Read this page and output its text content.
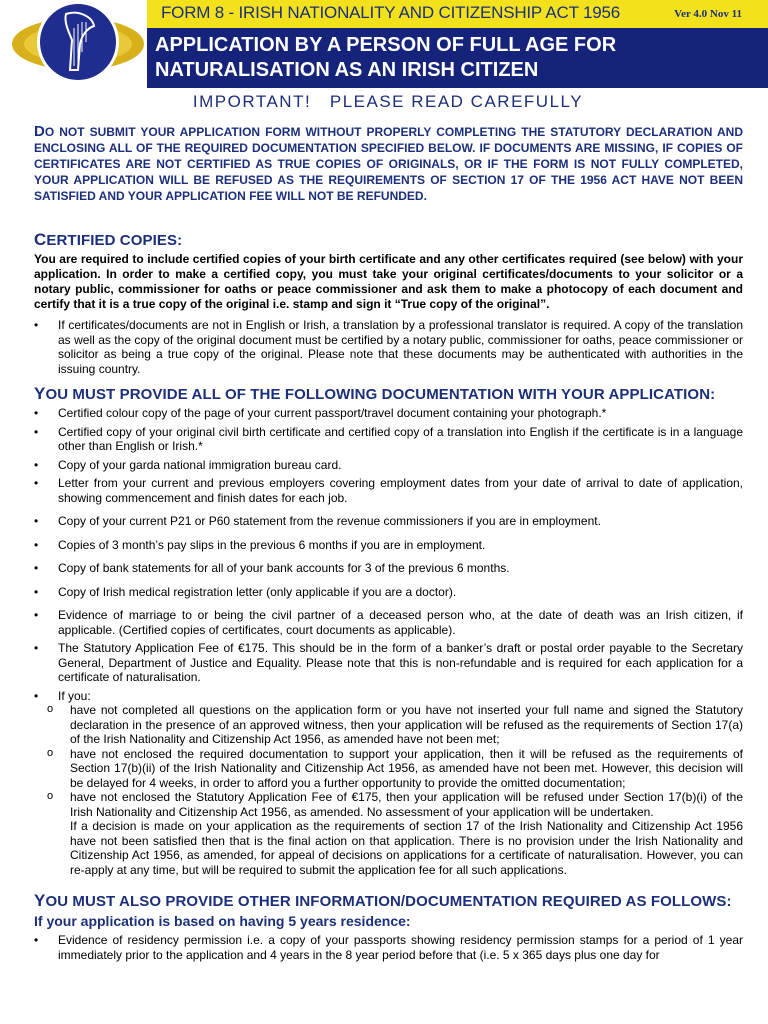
FORM 8 - IRISH NATIONALITY AND CITIZENSHIP ACT 1956	Ver 4.0 Nov 11
APPLICATION BY A PERSON OF FULL AGE FOR
NATURALISATION AS AN IRISH CITIZEN
IMPORTANT!   PLEASE READ CAREFULLY

DO NOT SUBMIT YOUR APPLICATION FORM WITHOUT PROPERLY COMPLETING THE STATUTORY DECLARATION AND ENCLOSING ALL OF THE REQUIRED DOCUMENTATION SPECIFIED BELOW. IF DOCUMENTS ARE MISSING, IF COPIES OF CERTIFICATES ARE NOT CERTIFIED AS TRUE COPIES OF ORIGINALS, OR IF THE FORM IS NOT FULLY COMPLETED, YOUR APPLICATION WILL BE REFUSED AS THE REQUIREMENTS OF SECTION 17 OF THE 1956 ACT HAVE NOT BEEN SATISFIED AND YOUR APPLICATION FEE WILL NOT BE REFUNDED.

CERTIFIED COPIES:

You are required to include certified copies of your birth certificate and any other certificates required (see below) with your application. In order to make a certified copy, you must take your original certificates/documents to your solicitor or a notary public, commissioner for oaths or peace commissioner and ask them to make a photocopy of each document and certify that it is a true copy of the original i.e. stamp and sign it “True copy of the original”.

• If certificates/documents are not in English or Irish, a translation by a professional translator is required. A copy of the translation as well as the copy of the original document must be certified by a notary public, commissioner for oaths, peace commissioner or solicitor as being a true copy of the original. Please note that these documents may be authenticated with authorities in the issuing country.
YOU MUST PROVIDE ALL OF THE FOLLOWING DOCUMENTATION WITH YOUR APPLICATION:
• Certified colour copy of the page of your current passport/travel document containing your photograph.*
• Certified copy of your original civil birth certificate and certified copy of a translation into English if the certificate is in a language other than English or Irish.*
• Copy of your garda national immigration bureau card.
• Letter from your current and previous employers covering employment dates from your date of arrival to date of application, showing commencement and finish dates for each job.
• Copy of your current P21 or P60 statement from the revenue commissioners if you are in employment.
• Copies of 3 month’s pay slips in the previous 6 months if you are in employment.
• Copy of bank statements for all of your bank accounts for 3 of the previous 6 months.
• Copy of Irish medical registration letter (only applicable if you are a doctor).
• Evidence of marriage to or being the civil partner of a deceased person who, at the date of death was an Irish citizen, if applicable. (Certified copies of certificates, court documents as applicable).
• The Statutory Application Fee of €175. This should be in the form of a banker’s draft or postal order payable to the Secretary General, Department of Justice and Equality. Please note that this is non-refundable and is required for each application for a certificate of naturalisation.
• If you:
o have not completed all questions on the application form or you have not inserted your full name and signed the Statutory declaration in the presence of an approved witness, then your application will be refused as the requirements of Section 17(a) of the Irish Nationality and Citizenship Act 1956, as amended have not been met;
o have not enclosed the required documentation to support your application, then it will be refused as the requirements of Section 17(b)(ii) of the Irish Nationality and Citizenship Act 1956, as amended have not been met. However, this decision will be delayed for 4 weeks, in order to afford you a further opportunity to provide the omitted documentation;
o have not enclosed the Statutory Application Fee of €175, then your application will be refused under Section 17(b)(i) of the Irish Nationality and Citizenship Act 1956, as amended. No assessment of your application will be undertaken.
If a decision is made on your application as the requirements of section 17 of the Irish Nationality and Citizenship Act 1956 have not been satisfied then that is the final action on that application. There is no provision under the Irish Nationality and Citizenship Act 1956, as amended, for appeal of decisions on applications for a certificate of naturalisation. However, you can re-apply at any time, but will be required to submit the application fee for all such applications.
YOU MUST ALSO PROVIDE OTHER INFORMATION/DOCUMENTATION REQUIRED AS FOLLOWS:
If your application is based on having 5 years residence:
• Evidence of residency permission i.e. a copy of your passports showing residency permission stamps for a period of 1 year immediately prior to the application and 4 years in the 8 year period before that (i.e. 5 x 365 days plus one day for
